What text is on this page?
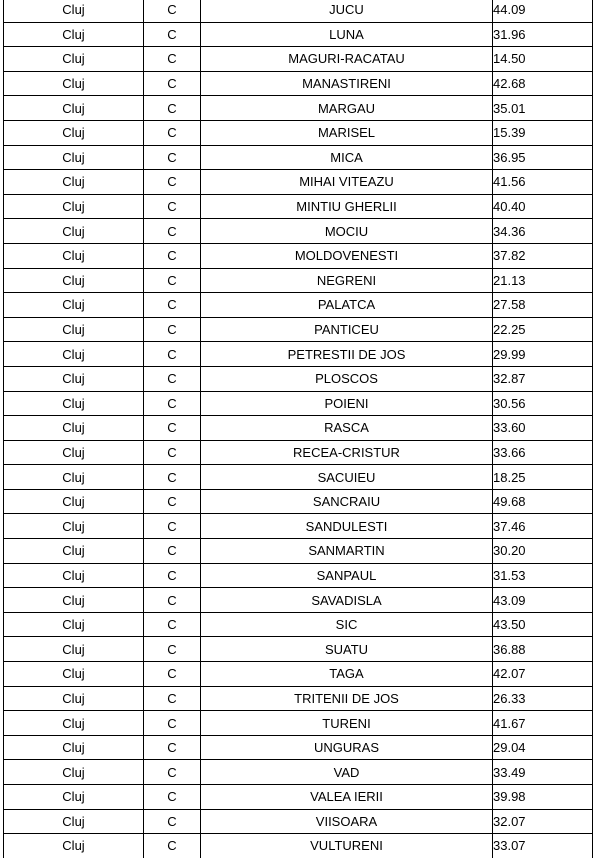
Cluj	C	JUCU	44.09
Cluj	C	LUNA	31.96
Cluj	C	MAGURI-RACATAU	14.50
Cluj	C	MANASTIRENI	42.68
Cluj	C	MARGAU	35.01
Cluj	C	MARISEL	15.39
Cluj	C	MICA	36.95
Cluj	C	MIHAI VITEAZU	41.56
Cluj	C	MINTIU GHERLII	40.40
Cluj	C	MOCIU	34.36
Cluj	C	MOLDOVENESTI	37.82
Cluj	C	NEGRENI	21.13
Cluj	C	PALATCA	27.58
Cluj	C	PANTICEU	22.25
Cluj	C	PETRESTII DE JOS	29.99
Cluj	C	PLOSCOS	32.87
Cluj	C	POIENI	30.56
Cluj	C	RASCA	33.60
Cluj	C	RECEA-CRISTUR	33.66
Cluj	C	SACUIEU	18.25
Cluj	C	SANCRAIU	49.68
Cluj	C	SANDULESTI	37.46
Cluj	C	SANMARTIN	30.20
Cluj	C	SANPAUL	31.53
Cluj	C	SAVADISLA	43.09
Cluj	C	SIC	43.50
Cluj	C	SUATU	36.88
Cluj	C	TAGA	42.07
Cluj	C	TRITENII DE JOS	26.33
Cluj	C	TURENI	41.67
Cluj	C	UNGURAS	29.04
Cluj	C	VAD	33.49
Cluj	C	VALEA IERII	39.98
Cluj	C	VIISOARA	32.07
Cluj	C	VULTURENI	33.07
